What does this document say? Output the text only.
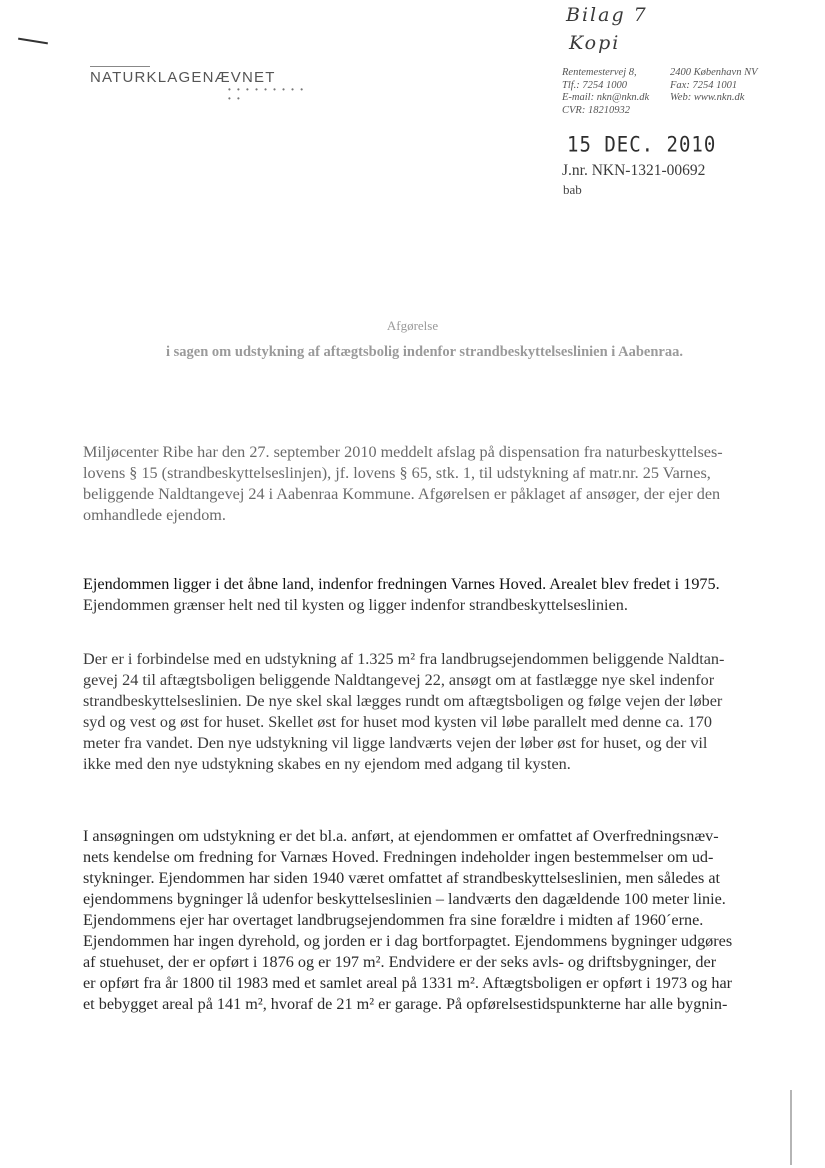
Bilag 7
Kopi
NATURKLAGENÆVNET
• • • • • • • • • • •
Rentemestervej 8,	2400 København NV
Tlf.: 7254 1000	Fax: 7254 1001
E-mail: nkn@nkn.dk Web: www.nkn.dk
CVR: 18210932
15 DEC. 2010
J.nr. NKN-1321-00692
bab
Afgørelse
i sagen om udstykning af aftægtsbolig indenfor strandbeskyttelseslinien i Aabenraa.
Miljøcenter Ribe har den 27. september 2010 meddelt afslag på dispensation fra naturbeskyttelses-
lovens § 15 (strandbeskyttelseslinjen), jf. lovens § 65, stk. 1, til udstykning af matr.nr. 25 Varnes,
beliggende Naldtangevej 24 i Aabenraa Kommune. Afgørelsen er påklaget af ansøger, der ejer den
omhandlede ejendom.
Ejendommen ligger i det åbne land, indenfor fredningen Varnes Hoved. Arealet blev fredet i 1975.
Ejendommen grænser helt ned til kysten og ligger indenfor strandbeskyttelseslinien.
Der er i forbindelse med en udstykning af 1.325 m² fra landbrugsejendommen beliggende Naldtan-
gevej 24 til aftægtsboligen beliggende Naldtangevej 22, ansøgt om at fastlægge nye skel indenfor
strandbeskyttelseslinien. De nye skel skal lægges rundt om aftægtsboligen og følge vejen der løber
syd og vest og øst for huset. Skellet øst for huset mod kysten vil løbe parallelt med denne ca. 170
meter fra vandet. Den nye udstykning vil ligge landværts vejen der løber øst for huset, og der vil
ikke med den nye udstykning skabes en ny ejendom med adgang til kysten.
I ansøgningen om udstykning er det bl.a. anført, at ejendommen er omfattet af Overfredningsnæv-
nets kendelse om fredning for Varnæs Hoved. Fredningen indeholder ingen bestemmelser om ud-
stykninger. Ejendommen har siden 1940 været omfattet af strandbeskyttelseslinien, men således at
ejendommens bygninger lå udenfor beskyttelseslinien – landværts den dagældende 100 meter linie.
Ejendommens ejer har overtaget landbrugsejendommen fra sine forældre i midten af 1960´erne.
Ejendommen har ingen dyrehold, og jorden er i dag bortforpagtet. Ejendommens bygninger udgøres
af stuehuset, der er opført i 1876 og er 197 m². Endvidere er der seks avls- og driftsbygninger, der
er opført fra år 1800 til 1983 med et samlet areal på 1331 m². Aftægtsboligen er opført i 1973 og har
et bebygget areal på 141 m², hvoraf de 21 m² er garage. På opførelsestidspunkterne har alle bygnin-
